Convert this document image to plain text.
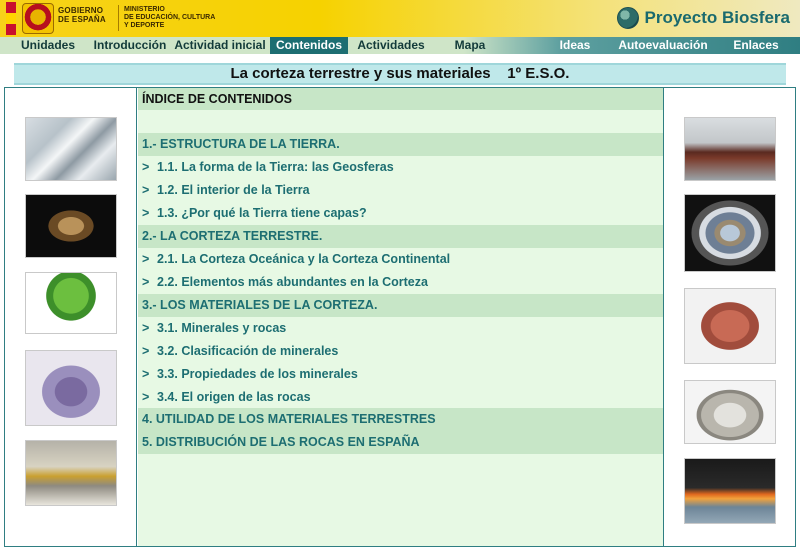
GOBIERNO
DE ESPAÑA
MINISTERIO
DE EDUCACIÓN, CULTURA
Y DEPORTE	Proyecto Biosfera
Unidades	Introducción Actividad inicial Contenidos	Actividades	Mapa	Ideas	Autoevaluación	Enlaces
La corteza terrestre y sus materiales    1º E.S.O.
ÍNDICE DE CONTENIDOS
1.- ESTRUCTURA DE LA TIERRA.
> 1.1. La forma de la Tierra: las Geosferas
> 1.2. El interior de la Tierra
> 1.3. ¿Por qué la Tierra tiene capas?
2.- LA CORTEZA TERRESTRE.
> 2.1. La Corteza Oceánica y la Corteza Continental
> 2.2. Elementos más abundantes en la Corteza
3.- LOS MATERIALES DE LA CORTEZA.
> 3.1. Minerales y rocas
> 3.2. Clasificación de minerales
> 3.3. Propiedades de los minerales
> 3.4. El origen de las rocas
4. UTILIDAD DE LOS MATERIALES TERRESTRES
5. DISTRIBUCIÓN DE LAS ROCAS EN ESPAÑA
